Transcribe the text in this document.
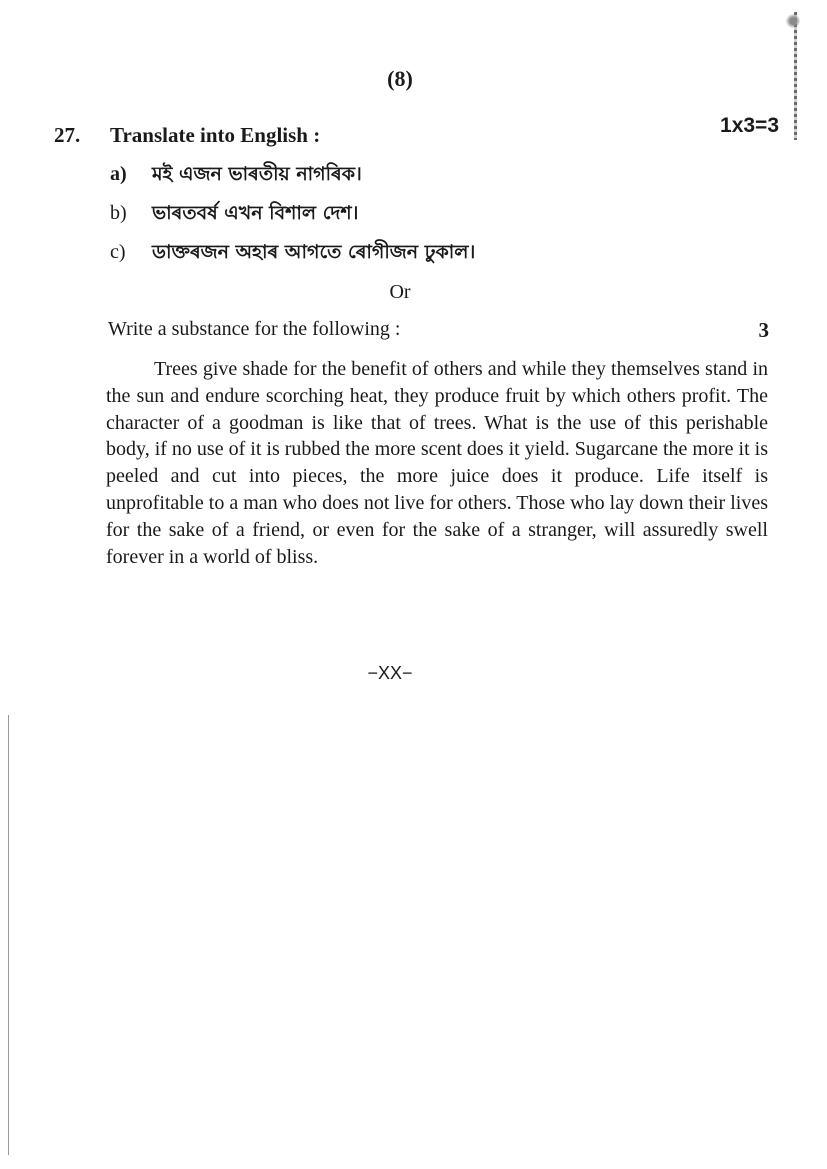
(8)
27. Translate into English :	1x3=3
a)	মই এজন ভাৰতীয় নাগৰিক।
b)	ভাৰতবৰ্ষ এখন বিশাল দেশ।
c)	ডাক্তৰজন অহাৰ আগতে ৰোগীজন ঢুকাল।
Or
Write a substance for the following :	3

Trees give shade for the benefit of others and while they themselves stand in the sun and endure scorching heat, they produce fruit by which others profit. The character of a goodman is like that of trees. What is the use of this perishable body, if no use of it is rubbed the more scent does it yield. Sugarcane the more it is peeled and cut into pieces, the more juice does it produce. Life itself is unprofitable to a man who does not live for others. Those who lay down their lives for the sake of a friend, or even for the sake of a stranger, will assuredly swell forever in a world of bliss.

−XX−
